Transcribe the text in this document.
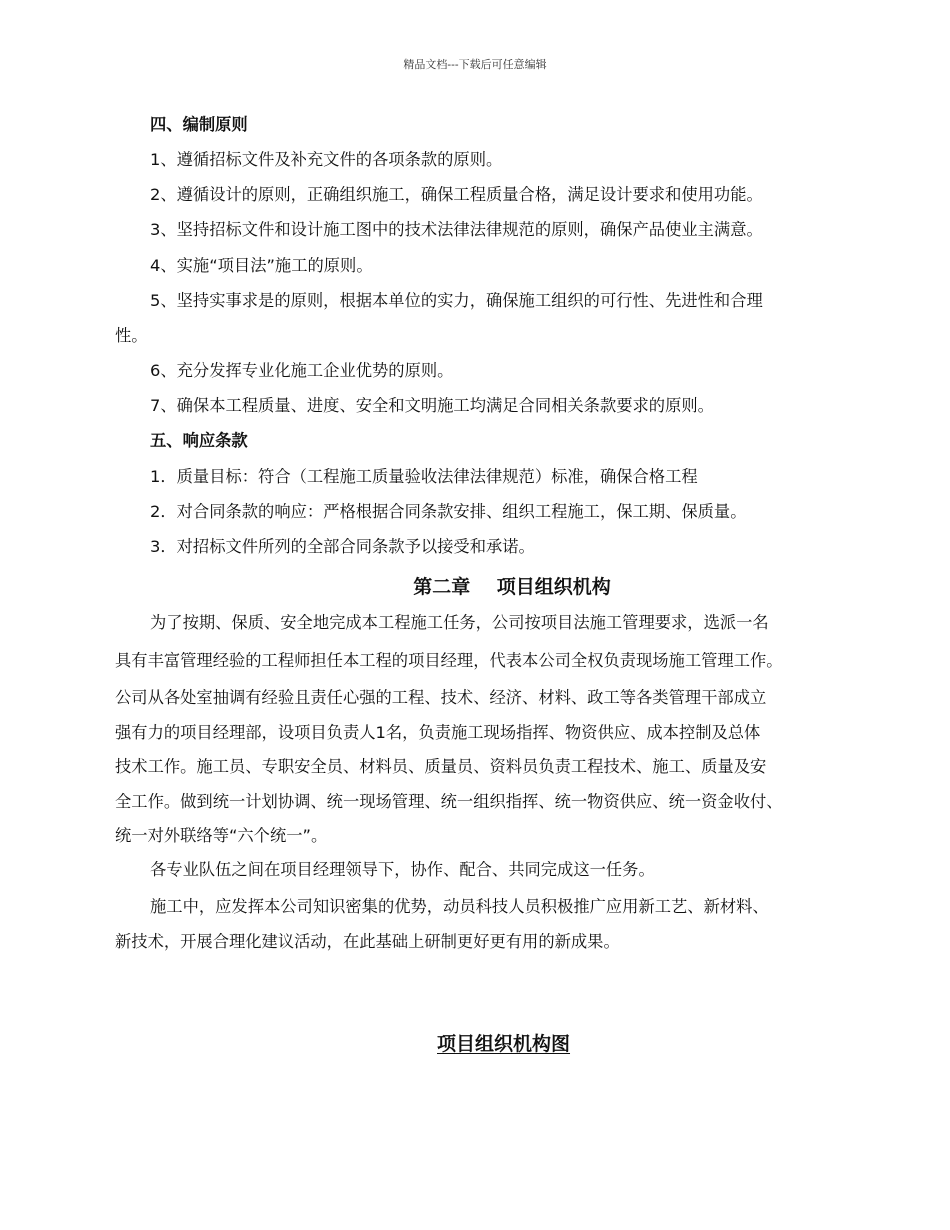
精品文档---下载后可任意编辑
四、编制原则
1、遵循招标文件及补充文件的各项条款的原则。
2、遵循设计的原则，正确组织施工，确保工程质量合格，满足设计要求和使用功能。
3、坚持招标文件和设计施工图中的技术法律法律规范的原则，确保产品使业主满意。
4、实施“项目法”施工的原则。
5、坚持实事求是的原则，根据本单位的实力，确保施工组织的可行性、先进性和合理
性。
6、充分发挥专业化施工企业优势的原则。
7、确保本工程质量、进度、安全和文明施工均满足合同相关条款要求的原则。
五、响应条款
1．质量目标：符合（工程施工质量验收法律法律规范）标准，确保合格工程
2．对合同条款的响应：严格根据合同条款安排、组织工程施工，保工期、保质量。
3．对招标文件所列的全部合同条款予以接受和承诺。
第二章    项目组织机构
为了按期、保质、安全地完成本工程施工任务，公司按项目法施工管理要求，选派一名
具有丰富管理经验的工程师担任本工程的项目经理，代表本公司全权负责现场施工管理工作。
公司从各处室抽调有经验且责任心强的工程、技术、经济、材料、政工等各类管理干部成立
强有力的项目经理部，设项目负责人1名，负责施工现场指挥、物资供应、成本控制及总体
技术工作。施工员、专职安全员、材料员、质量员、资料员负责工程技术、施工、质量及安
全工作。做到统一计划协调、统一现场管理、统一组织指挥、统一物资供应、统一资金收付、
统一对外联络等“六个统一”。
各专业队伍之间在项目经理领导下，协作、配合、共同完成这一任务。
施工中，应发挥本公司知识密集的优势，动员科技人员积极推广应用新工艺、新材料、
新技术，开展合理化建议活动，在此基础上研制更好更有用的新成果。
项目组织机构图
